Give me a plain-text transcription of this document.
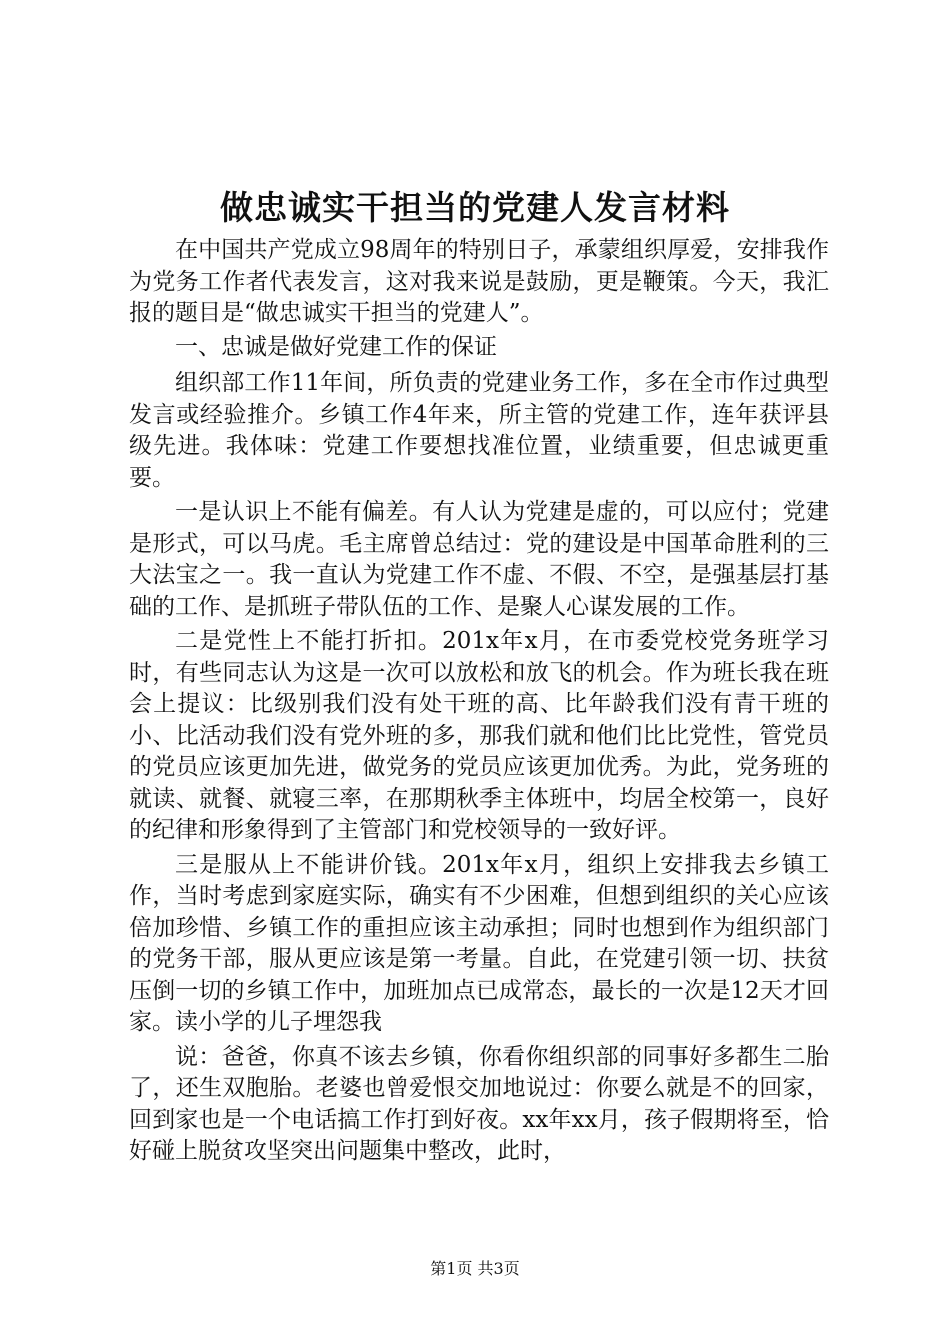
做忠诚实干担当的党建人发言材料

在中国共产党成立98周年的特别日子，承蒙组织厚爱，安排我作为党务工作者代表发言，这对我来说是鼓励，更是鞭策。今天，我汇报的题目是“做忠诚实干担当的党建人”。

一、忠诚是做好党建工作的保证

组织部工作11年间，所负责的党建业务工作，多在全市作过典型发言或经验推介。乡镇工作4年来，所主管的党建工作，连年获评县级先进。我体味：党建工作要想找准位置，业绩重要，但忠诚更重要。

一是认识上不能有偏差。有人认为党建是虚的，可以应付；党建是形式，可以马虎。毛主席曾总结过：党的建设是中国革命胜利的三大法宝之一。我一直认为党建工作不虚、不假、不空，是强基层打基础的工作、是抓班子带队伍的工作、是聚人心谋发展的工作。

二是党性上不能打折扣。201x年x月，在市委党校党务班学习时，有些同志认为这是一次可以放松和放飞的机会。作为班长我在班会上提议：比级别我们没有处干班的高、比年龄我们没有青干班的小、比活动我们没有党外班的多，那我们就和他们比比党性，管党员的党员应该更加先进，做党务的党员应该更加优秀。为此，党务班的就读、就餐、就寝三率，在那期秋季主体班中，均居全校第一，良好的纪律和形象得到了主管部门和党校领导的一致好评。

三是服从上不能讲价钱。201x年x月，组织上安排我去乡镇工作，当时考虑到家庭实际，确实有不少困难，但想到组织的关心应该倍加珍惜、乡镇工作的重担应该主动承担；同时也想到作为组织部门的党务干部，服从更应该是第一考量。自此，在党建引领一切、扶贫压倒一切的乡镇工作中，加班加点已成常态，最长的一次是12天才回家。读小学的儿子埋怨我

说：爸爸，你真不该去乡镇，你看你组织部的同事好多都生二胎了，还生双胞胎。老婆也曾爱恨交加地说过：你要么就是不的回家，回到家也是一个电话搞工作打到好夜。xx年xx月，孩子假期将至，恰好碰上脱贫攻坚突出问题集中整改，此时，

第1页 共3页
